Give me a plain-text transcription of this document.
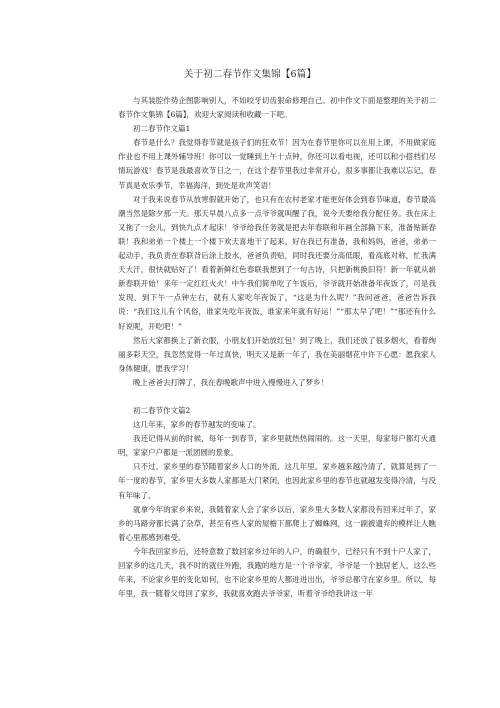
关于初二春节作文集锦【6篇】

与其装腔作势企图影响别人，不如咬牙切齿狠命修理自己。初中作文下面是整理的关于初二春节作文集锦【6篇】，欢迎大家阅读和收藏一下吧。

初二春节作文篇1

春节是什么？我觉得春节就是孩子们的狂欢节！因为在春节里你可以在用上课，不用做家庭作业也不用上课外辅导班！你可以一觉睡到上午十点钟，你还可以看电视，还可以和小搭档们尽情玩游戏！春节是我最喜欢节日之一，在这个春节里我过非常开心，很多事都让我难以忘记，春节真是欢乐季节，幸福海洋，到处是欢声笑语！

对于我来说春节从放寒假就开始了，也只有在农村老家才能更好体会到春节味道，春节最高潮当然是除夕那一天。那天早晨八点多一点爷爷就叫醒了我，说今天要给我分配任务。我在床上又拖了一会儿，到快九点才起床！爷爷给我任务就是把去年春联和年画全部撕下来，准备贴新春联！我和弟弟一个楼上一个楼下欢天喜地干了起来。好在我已有准备，我和妈妈，爸爸，弟弟一起动手，我负责在春联背后涂上胶水，爸爸负责贴，同时我还要分高低眼，看高底对称，忙我满天大汗，很快就贴好了！看着新鲜红色春联我想到了一句古诗，只把新桃换旧符！新一年就从崭新春联开始！来年一定红红火火！中午我们简单吃了午饭后，爷爷就开始准备年夜饭了，可是我发现，到下午一点钟左右，就有人家吃年夜饭了，“这是为什么呢？”我问爸爸，爸爸告诉我说：“我们这儿有个风俗，谁家先吃年夜饭，谁家来年就有好运！”“那太早了吧！”“那还有什么好说呢，开吃吧！”

然后大家都换上了新衣服，小朋友们开始放红包！到了晚上，我们还放了很多烟火，看着绚丽多彩天空，我忽然觉得一年过真快，明天又是新一年了，我在美丽烟花中许下心愿：愿我家人身体健康，愿我学习！

晚上爸爸去打牌了，我在春晚歌声中进入慢慢进入了梦乡！

初二春节作文篇2

这几年来，家乡的春节越发的变味了。

我还记得从前的时候，每年一到春节，家乡里就热热闹闹的。这一天里，每家每户都灯火通明，家家户户都是一派团圆的景象。

只不过，家乡里的春节随着家乡人口的外流，这几年里，家乡越来越冷清了，就算是到了一年一度的春节，家乡里大多数人家都是大门紧闭，也因此家乡里的春节也就越发变得冷清，与没有年味了。

就拿今年的家乡来说，我随着家人会了家乡以后，家乡里大多数人家都没有回来过年了，家乡的马路旁都长满了杂草，甚至有些人家的屋檐下都爬上了蜘蛛网，这一副被遗弃的模样让人瞧着心里都感到难受。

今年我回家乡后，还特意数了数回家乡过年的人户，的确很少，已经只有不到十户人家了，回家乡的这几天，我不时的就往外跑，我跑的地方是一个爷爷家，爷爷是一个独居老人，这么些年来，不论家乡里的变化如何，也不论家乡里的人都进进出出，爷爷总都守在家乡里。所以，每年里，我一随着父母回了家乡，我就喜欢跑去爷爷家，听着爷爷给我讲这一年
